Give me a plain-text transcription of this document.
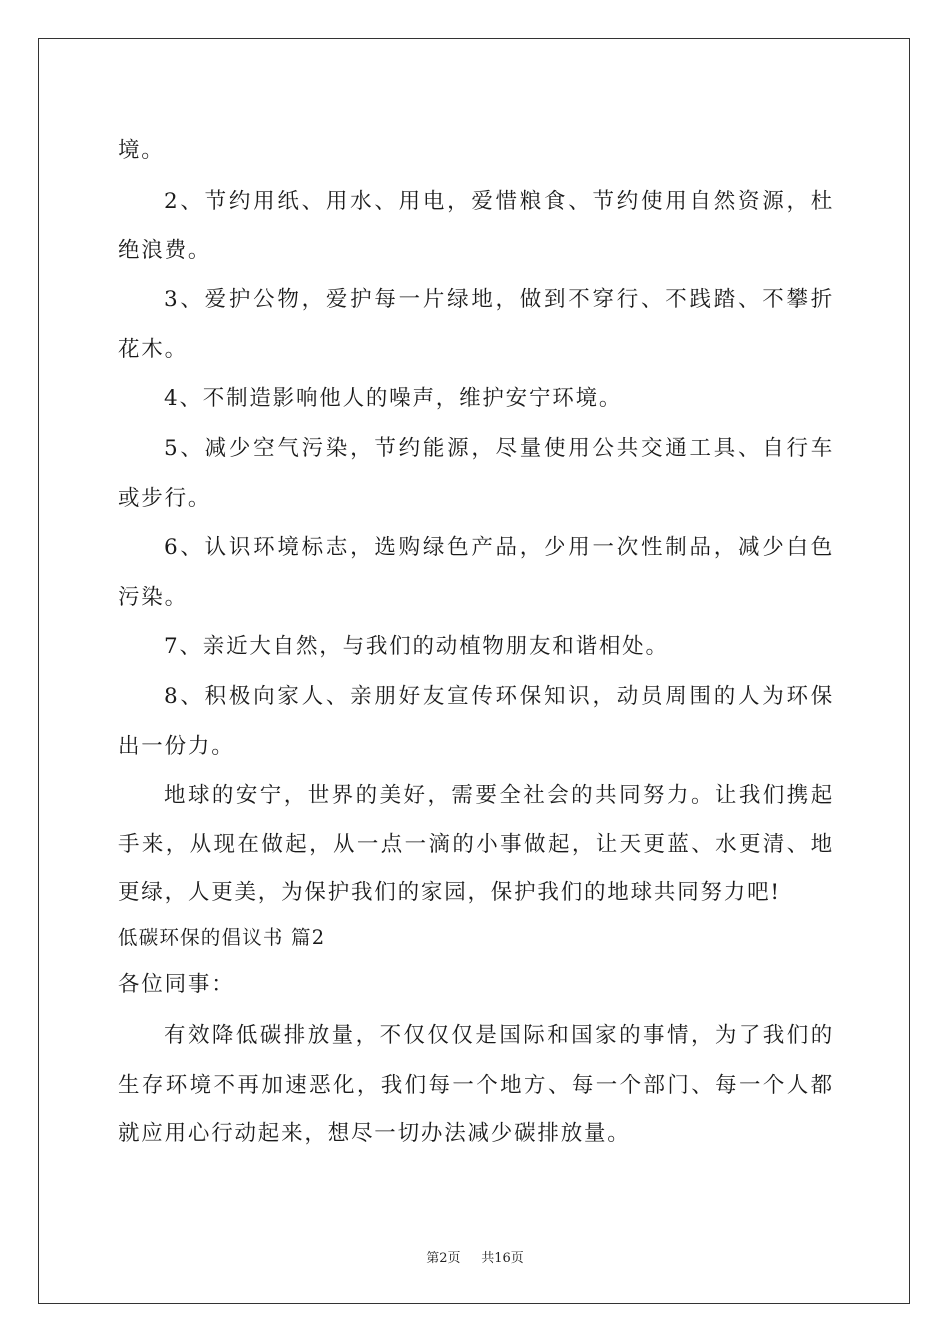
境。
2、节约用纸、用水、用电，爱惜粮食、节约使用自然资源，杜
绝浪费。
3、爱护公物，爱护每一片绿地，做到不穿行、不践踏、不攀折
花木。
4、不制造影响他人的噪声，维护安宁环境。
5、减少空气污染，节约能源，尽量使用公共交通工具、自行车
或步行。
6、认识环境标志，选购绿色产品，少用一次性制品，减少白色
污染。
7、亲近大自然，与我们的动植物朋友和谐相处。
8、积极向家人、亲朋好友宣传环保知识，动员周围的人为环保
出一份力。
地球的安宁，世界的美好，需要全社会的共同努力。让我们携起
手来，从现在做起，从一点一滴的小事做起，让天更蓝、水更清、地
更绿，人更美，为保护我们的家园，保护我们的地球共同努力吧!
低碳环保的倡议书 篇2
各位同事：
有效降低碳排放量，不仅仅仅是国际和国家的事情，为了我们的
生存环境不再加速恶化，我们每一个地方、每一个部门、每一个人都
就应用心行动起来，想尽一切办法减少碳排放量。
第2页 共16页
